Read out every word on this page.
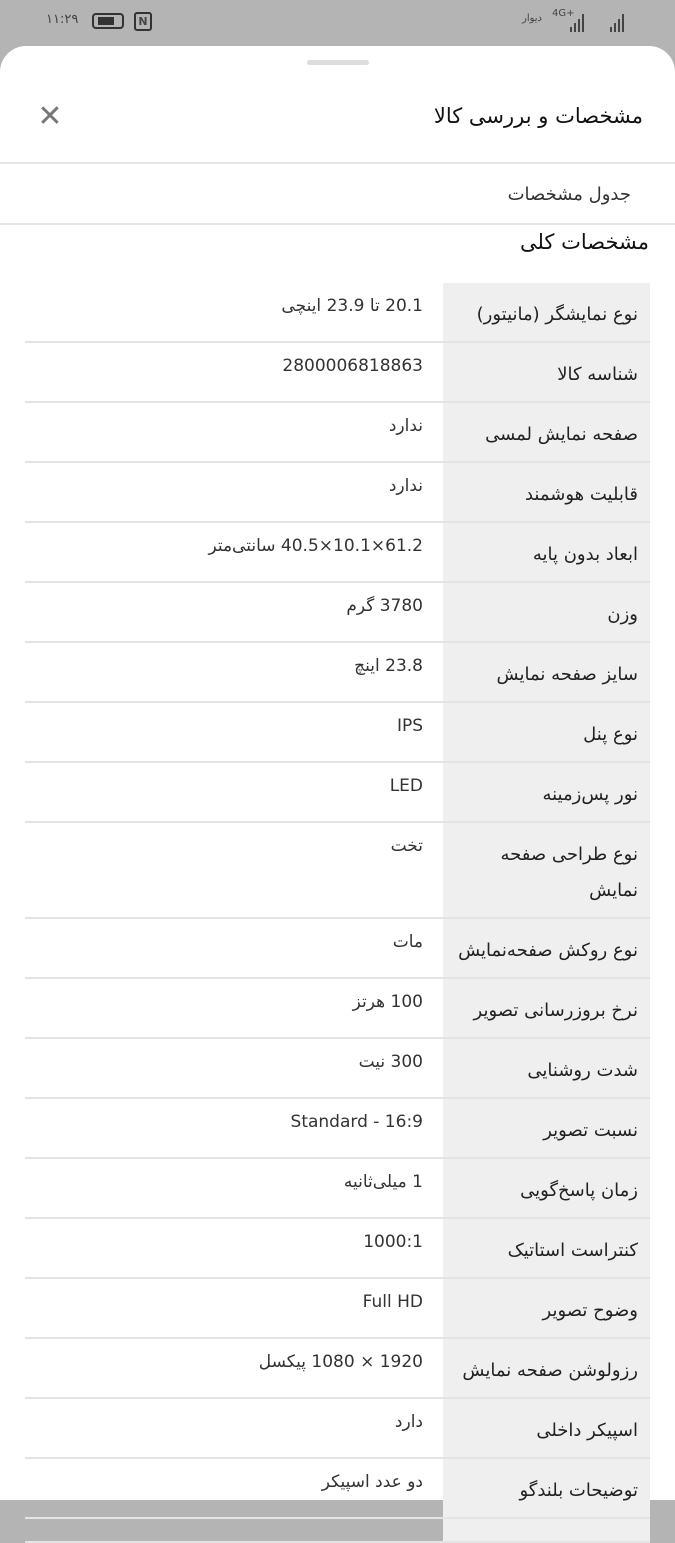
۱۱:۲۹	N	دیوار 4G+
مشخصات و بررسی کالا
✕
جدول مشخصات
مشخصات کلی
نوع نمایشگر (مانیتور)	20.1 تا 23.9 اینچی
شناسه کالا	2800006818863
صفحه نمایش لمسی	ندارد
قابلیت هوشمند	ندارد
ابعاد بدون پایه	61.2×10.1×40.5 سانتی‌متر
وزن	3780 گرم
سایز صفحه نمایش	23.8 اینچ
نوع پنل	IPS
نور پس‌زمینه	LED
نوع طراحی صفحه نمایش	تخت
نوع روکش صفحه‌نمایش	مات
نرخ بروزرسانی تصویر	100 هرتز
شدت روشنایی	300 نیت
نسبت تصویر	Standard - 16:9
زمان پاسخ‌گویی	1 میلی‌ثانیه
کنتراست استاتیک	1000:1
وضوح تصویر	Full HD
رزولوشن صفحه نمایش	1920 × 1080 پیکسل
اسپیکر داخلی	دارد
توضیحات بلندگو	دو عدد اسپیکر
